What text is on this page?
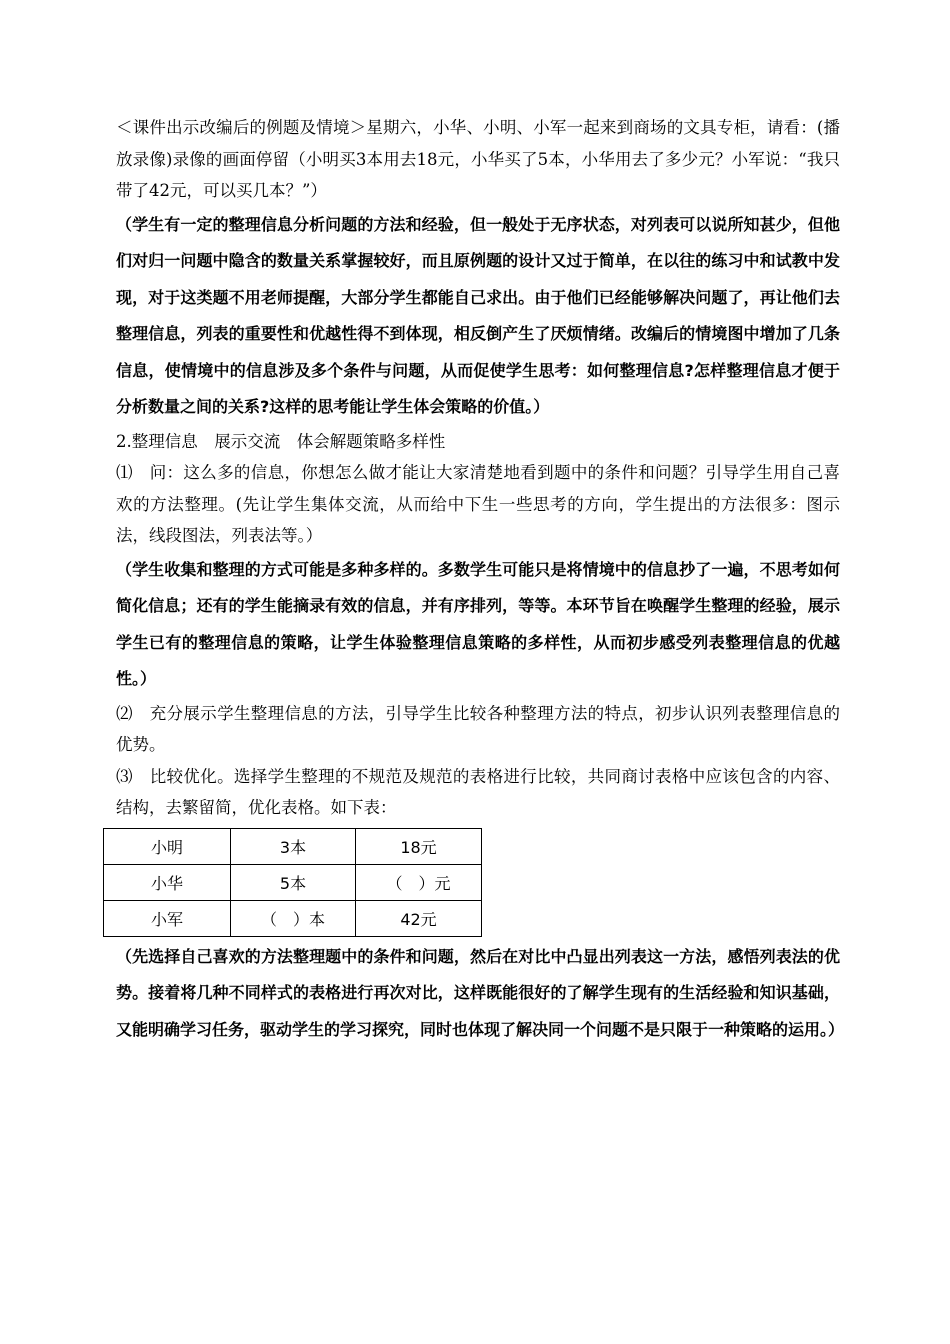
＜课件出示改编后的例题及情境＞星期六，小华、小明、小军一起来到商场的文具专柜，请看：(播放录像)录像的画面停留（小明买3本用去18元，小华买了5本，小华用去了多少元？小军说：“我只带了42元，可以买几本？”）

（学生有一定的整理信息分析问题的方法和经验，但一般处于无序状态，对列表可以说所知甚少，但他们对归一问题中隐含的数量关系掌握较好，而且原例题的设计又过于简单，在以往的练习中和试教中发现，对于这类题不用老师提醒，大部分学生都能自己求出。由于他们已经能够解决问题了，再让他们去整理信息，列表的重要性和优越性得不到体现，相反倒产生了厌烦情绪。改编后的情境图中增加了几条信息，使情境中的信息涉及多个条件与问题，从而促使学生思考：如何整理信息?怎样整理信息才便于分析数量之间的关系?这样的思考能让学生体会策略的价值。）

2.整理信息　展示交流　体会解题策略多样性

⑴　问：这么多的信息，你想怎么做才能让大家清楚地看到题中的条件和问题？引导学生用自己喜欢的方法整理。(先让学生集体交流，从而给中下生一些思考的方向，学生提出的方法很多：图示法，线段图法，列表法等。）

（学生收集和整理的方式可能是多种多样的。多数学生可能只是将情境中的信息抄了一遍，不思考如何简化信息；还有的学生能摘录有效的信息，并有序排列，等等。本环节旨在唤醒学生整理的经验，展示学生已有的整理信息的策略，让学生体验整理信息策略的多样性，从而初步感受列表整理信息的优越性。）

⑵　充分展示学生整理信息的方法，引导学生比较各种整理方法的特点，初步认识列表整理信息的优势。

⑶　比较优化。选择学生整理的不规范及规范的表格进行比较，共同商讨表格中应该包含的内容、结构，去繁留简，优化表格。如下表：

小明	3本	18元
小华	5本	（　）元
小军	（　）本	42元

（先选择自己喜欢的方法整理题中的条件和问题，然后在对比中凸显出列表这一方法，感悟列表法的优势。接着将几种不同样式的表格进行再次对比，这样既能很好的了解学生现有的生活经验和知识基础，又能明确学习任务，驱动学生的学习探究，同时也体现了解决同一个问题不是只限于一种策略的运用。）
